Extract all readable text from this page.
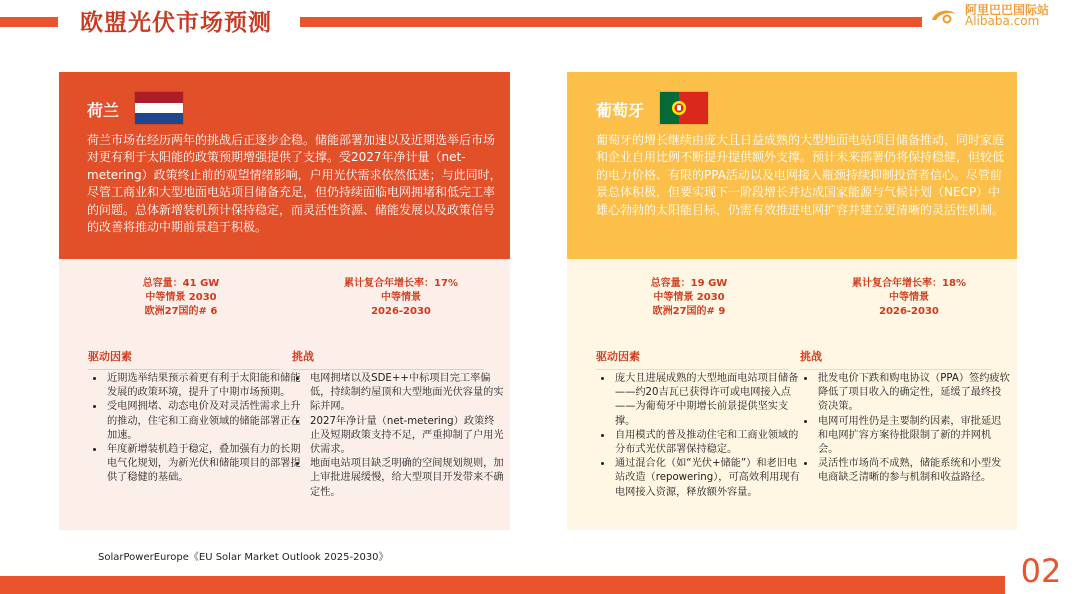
欧盟光伏市场预测	阿里巴巴国际站
Alibaba.com
荷兰
荷兰市场在经历两年的挑战后正逐步企稳。储能部署加速以及近期选举后市场对更有利于太阳能的政策预期增强提供了支撑。受2027年净计量（net-metering）政策终止前的观望情绪影响，户用光伏需求依然低迷；与此同时，尽管工商业和大型地面电站项目储备充足，但仍持续面临电网拥堵和低完工率的问题。总体新增装机预计保持稳定，而灵活性资源、储能发展以及政策信号的改善将推动中期前景趋于积极。
总容量：41 GW
中等情景 2030
欧洲27国的# 6
累计复合年增长率：17%
中等情景
2026-2030
驱动因素	挑战
• 近期选举结果预示着更有利于太阳能和储能发展的政策环境，提升了中期市场预期。
• 受电网拥堵、动态电价及对灵活性需求上升的推动，住宅和工商业领域的储能部署正在加速。
• 年度新增装机趋于稳定，叠加强有力的长期电气化规划，为新光伏和储能项目的部署提供了稳健的基础。
• 电网拥堵以及SDE++中标项目完工率偏低，持续制约屋顶和大型地面光伏容量的实际并网。
• 2027年净计量（net-metering）政策终止及短期政策支持不足，严重抑制了户用光伏需求。
• 地面电站项目缺乏明确的空间规划规则，加上审批进展缓慢，给大型项目开发带来不确定性。
葡萄牙
葡萄牙的增长继续由庞大且日益成熟的大型地面电站项目储备推动，同时家庭和企业自用比例不断提升提供额外支撑。预计未来部署仍将保持稳健，但较低的电力价格、有限的PPA活动以及电网接入瓶颈持续抑制投资者信心。尽管前景总体积极，但要实现下一阶段增长并达成国家能源与气候计划（NECP）中雄心勃勃的太阳能目标，仍需有效推进电网扩容并建立更清晰的灵活性机制。
总容量：19 GW
中等情景 2030
欧洲27国的# 9
累计复合年增长率：18%
中等情景
2026-2030
驱动因素	挑战
• 庞大且进展成熟的大型地面电站项目储备——约20吉瓦已获得许可或电网接入点——为葡萄牙中期增长前景提供坚实支撑。
• 自用模式的普及推动住宅和工商业领域的分布式光伏部署保持稳定。
• 通过混合化（如“光伏+储能”）和老旧电站改造（repowering），可高效利用现有电网接入资源，释放额外容量。
• 批发电价下跌和购电协议（PPA）签约疲软降低了项目收入的确定性，延缓了最终投资决策。
• 电网可用性仍是主要制约因素，审批延迟和电网扩容方案待批限制了新的并网机会。
• 灵活性市场尚不成熟，储能系统和小型发电商缺乏清晰的参与机制和收益路径。
SolarPowerEurope《EU Solar Market Outlook 2025-2030》	02
